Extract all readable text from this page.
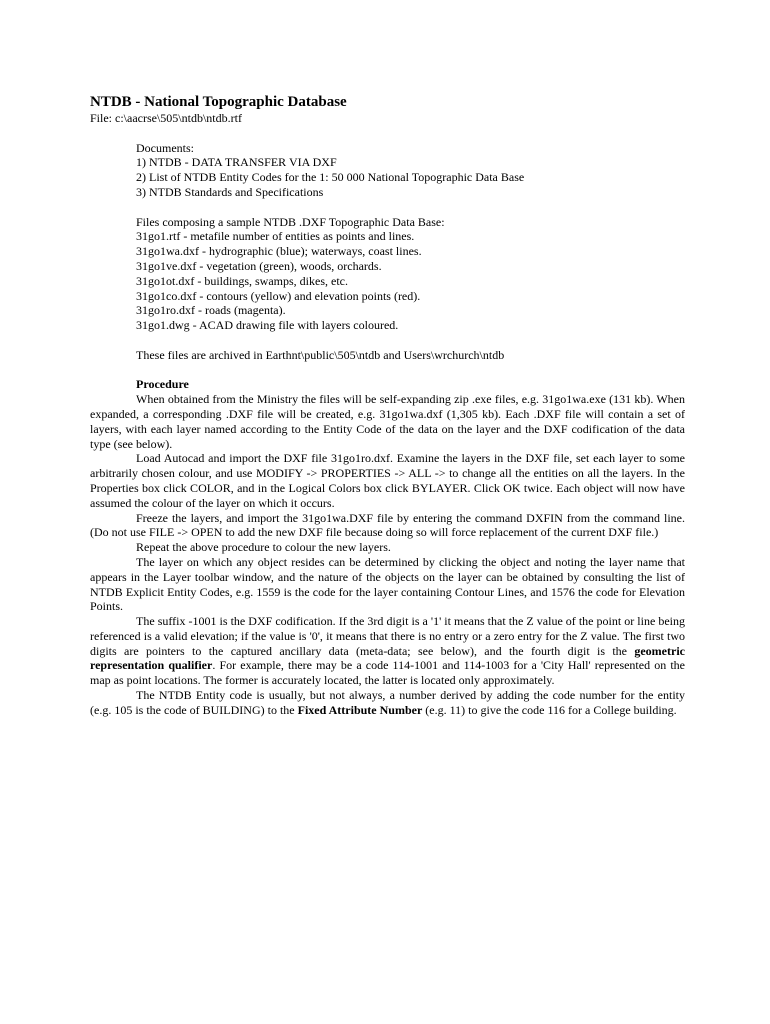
NTDB - National Topographic Database
File: c:\aacrse\505\ntdb\ntdb.rtf
Documents:
1) NTDB - DATA TRANSFER VIA DXF
2) List of NTDB Entity Codes for the 1: 50 000 National Topographic Data Base
3) NTDB Standards and Specifications
Files composing a sample NTDB .DXF Topographic Data Base:
31go1.rtf - metafile number of entities as points and lines.
31go1wa.dxf - hydrographic (blue); waterways, coast lines.
31go1ve.dxf - vegetation (green), woods, orchards.
31go1ot.dxf - buildings, swamps, dikes, etc.
31go1co.dxf - contours (yellow) and elevation points (red).
31go1ro.dxf - roads (magenta).
31go1.dwg - ACAD drawing file with layers coloured.
These files are archived in Earthnt\public\505\ntdb and Users\wrchurch\ntdb
Procedure

When obtained from the Ministry the files will be self-expanding zip .exe files, e.g. 31go1wa.exe (131 kb). When expanded, a corresponding .DXF file will be created, e.g. 31go1wa.dxf (1,305 kb). Each .DXF file will contain a set of layers, with each layer named according to the Entity Code of the data on the layer and the DXF codification of the data type (see below).

Load Autocad and import the DXF file 31go1ro.dxf. Examine the layers in the DXF file, set each layer to some arbitrarily chosen colour, and use MODIFY -> PROPERTIES -> ALL -> to change all the entities on all the layers. In the Properties box click COLOR, and in the Logical Colors box click BYLAYER. Click OK twice. Each object will now have assumed the colour of the layer on which it occurs.

Freeze the layers, and import the 31go1wa.DXF file by entering the command DXFIN from the command line. (Do not use FILE -> OPEN to add the new DXF file because doing so will force replacement of the current DXF file.)

Repeat the above procedure to colour the new layers.

The layer on which any object resides can be determined by clicking the object and noting the layer name that appears in the Layer toolbar window, and the nature of the objects on the layer can be obtained by consulting the list of NTDB Explicit Entity Codes, e.g. 1559 is the code for the layer containing Contour Lines, and 1576 the code for Elevation Points.

The suffix -1001 is the DXF codification. If the 3rd digit is a '1' it means that the Z value of the point or line being referenced is a valid elevation; if the value is '0', it means that there is no entry or a zero entry for the Z value. The first two digits are pointers to the captured ancillary data (meta-data; see below), and the fourth digit is the geometric representation qualifier. For example, there may be a code 114-1001 and 114-1003 for a 'City Hall' represented on the map as point locations. The former is accurately located, the latter is located only approximately.

The NTDB Entity code is usually, but not always, a number derived by adding the code number for the entity (e.g. 105 is the code of BUILDING) to the Fixed Attribute Number (e.g. 11) to give the code 116 for a College building.
